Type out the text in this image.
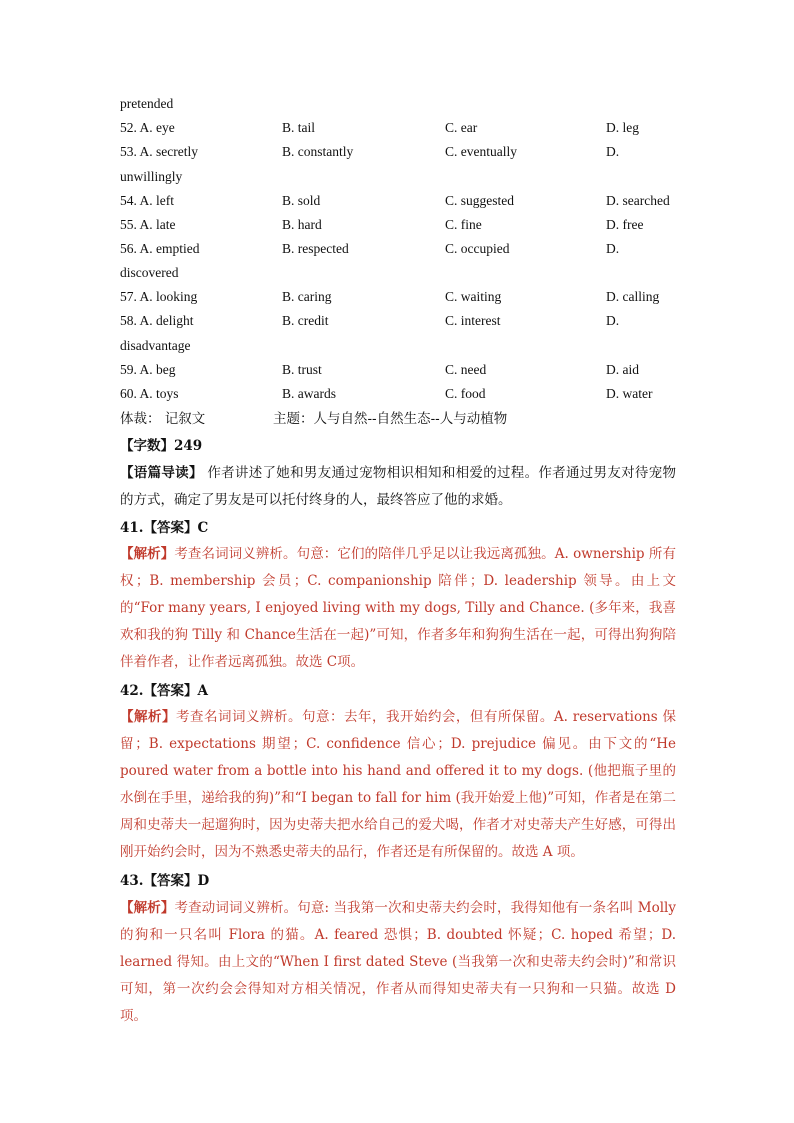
pretended
52. A. eye	B. tail	C. ear	D. leg
53. A. secretly	B. constantly	C. eventually	D.
unwillingly
54. A. left	B. sold	C. suggested	D. searched
55. A. late	B. hard	C. fine	D. free
56. A. emptied	B. respected	C. occupied	D.
discovered
57. A. looking	B. caring	C. waiting	D. calling
58. A. delight	B. credit	C. interest	D.
disadvantage
59. A. beg	B. trust	C. need	D. aid
60. A. toys	B. awards	C. food	D. water
体裁： 记叙文	主题：人与自然--自然生态--人与动植物
【字数】249

【语篇导读】 作者讲述了她和男友通过宠物相识相知和相爱的过程。作者通过男友对待宠物的方式，确定了男友是可以托付终身的人，最终答应了他的求婚。

41.【答案】C

【解析】考查名词词义辨析。句意：它们的陪伴几乎足以让我远离孤独。A. ownership 所有权；B. membership 会员；C. companionship 陪伴；D. leadership 领导。由上文的“For many years, I enjoyed living with my dogs, Tilly and Chance. (多年来，我喜欢和我的狗 Tilly 和 Chance生活在一起)”可知，作者多年和狗狗生活在一起，可得出狗狗陪伴着作者，让作者远离孤独。故选 C项。

42.【答案】A

【解析】考查名词词义辨析。句意：去年，我开始约会，但有所保留。A. reservations 保留；B. expectations 期望；C. confidence 信心；D. prejudice 偏见。由下文的“He poured water from a bottle into his hand and offered it to my dogs. (他把瓶子里的水倒在手里，递给我的狗)”和“I began to fall for him (我开始爱上他)”可知，作者是在第二周和史蒂夫一起遛狗时，因为史蒂夫把水给自己的爱犬喝，作者才对史蒂夫产生好感，可得出刚开始约会时，因为不熟悉史蒂夫的品行，作者还是有所保留的。故选 A 项。

43.【答案】D

【解析】考查动词词义辨析。句意: 当我第一次和史蒂夫约会时，我得知他有一条名叫 Molly 的狗和一只名叫 Flora 的猫。A. feared 恐惧；B. doubted 怀疑；C. hoped 希望；D. learned 得知。由上文的“When I first dated Steve (当我第一次和史蒂夫约会时)”和常识可知，第一次约会会得知对方相关情况，作者从而得知史蒂夫有一只狗和一只猫。故选 D 项。
